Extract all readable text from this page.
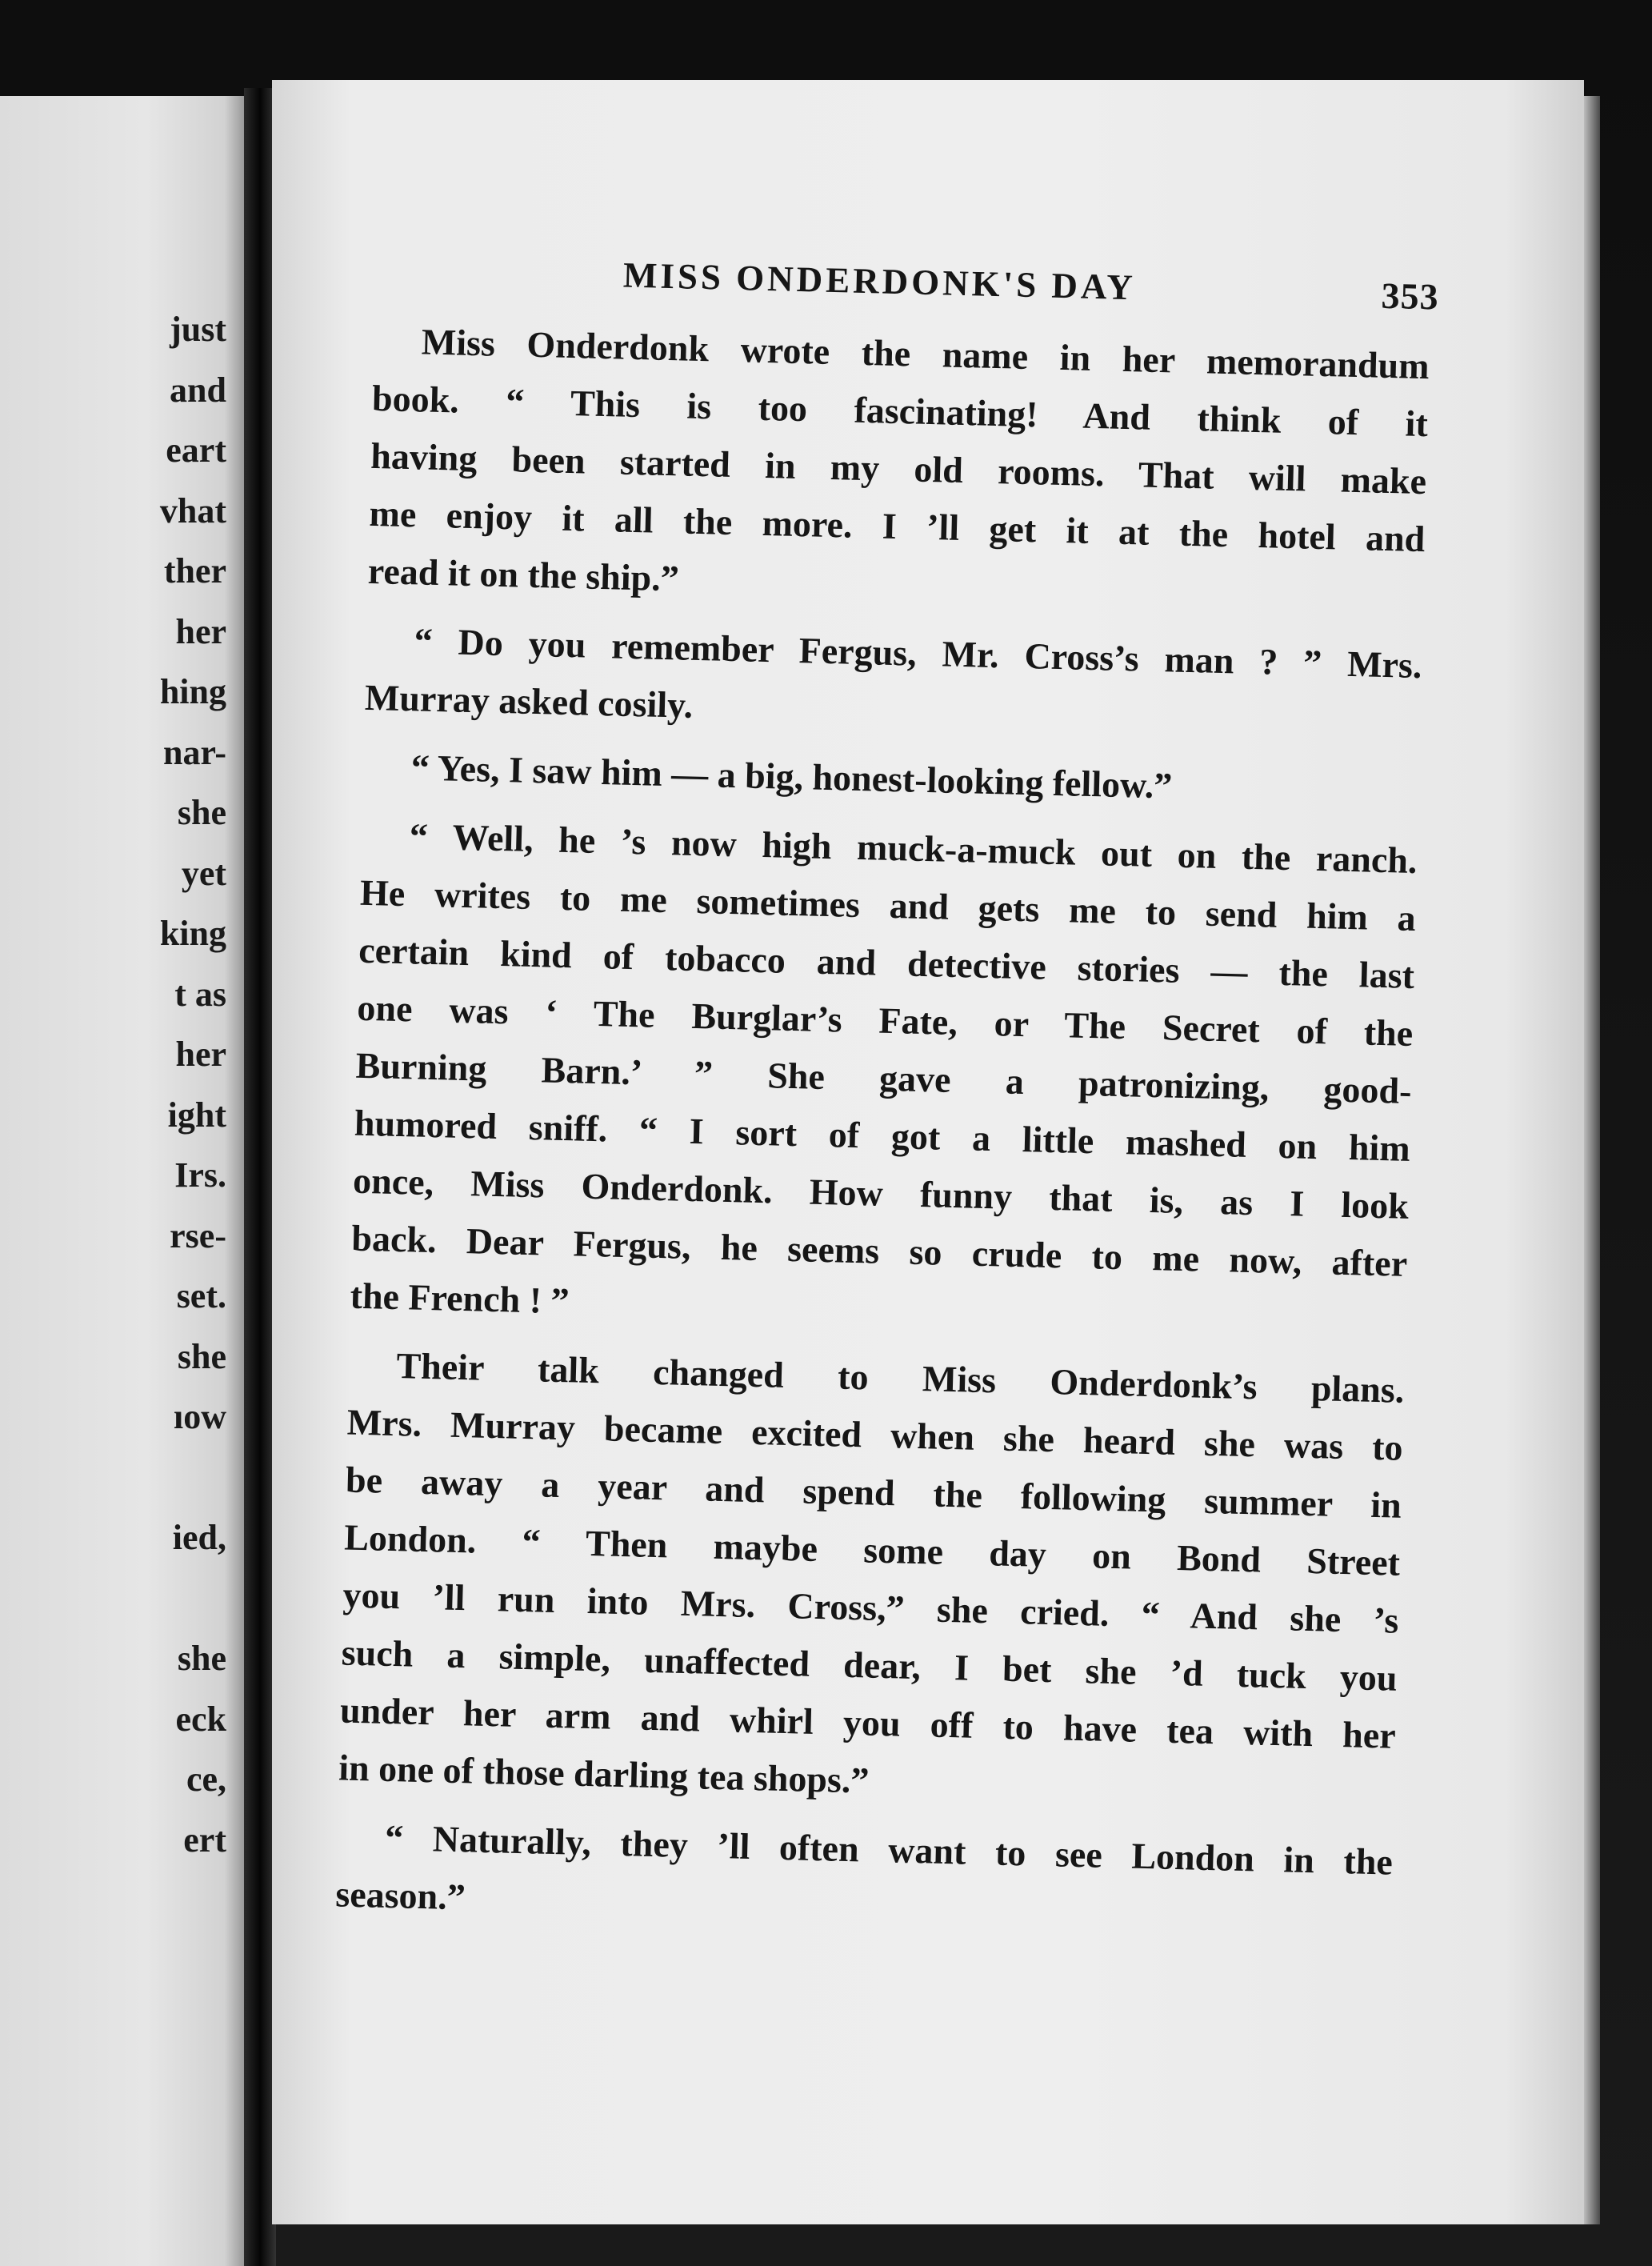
just
and
eart
vhat
ther
her
hing
nar-
she
yet
king
t as
her
ight
Irs.
rse-
set.
she
ıow
ied,
she
eck
ce,
ert
MISS ONDERDONK'S DAY	353

Miss Onderdonk wrote the name in her memorandum
book. “ This is too fascinating! And think of it
having been started in my old rooms. That will make
me enjoy it all the more. I ’ll get it at the hotel and
read it on the ship.”

“ Do you remember Fergus, Mr. Cross’s man ? ” Mrs.
Murray asked cosily.

“ Yes, I saw him — a big, honest-looking fellow.”

“ Well, he ’s now high muck-a-muck out on the ranch.
He writes to me sometimes and gets me to send him a
certain kind of tobacco and detective stories — the last
one was ‘ The Burglar’s Fate, or The Secret of the
Burning Barn.’ ” She gave a patronizing, good-
humored sniff. “ I sort of got a little mashed on him
once, Miss Onderdonk. How funny that is, as I look
back. Dear Fergus, he seems so crude to me now, after
the French ! ”

Their talk changed to Miss Onderdonk’s plans.
Mrs. Murray became excited when she heard she was to
be away a year and spend the following summer in
London. “ Then maybe some day on Bond Street
you ’ll run into Mrs. Cross,” she cried. “ And she ’s
such a simple, unaffected dear, I bet she ’d tuck you
under her arm and whirl you off to have tea with her
in one of those darling tea shops.”

“ Naturally, they ’ll often want to see London in the
season.”
